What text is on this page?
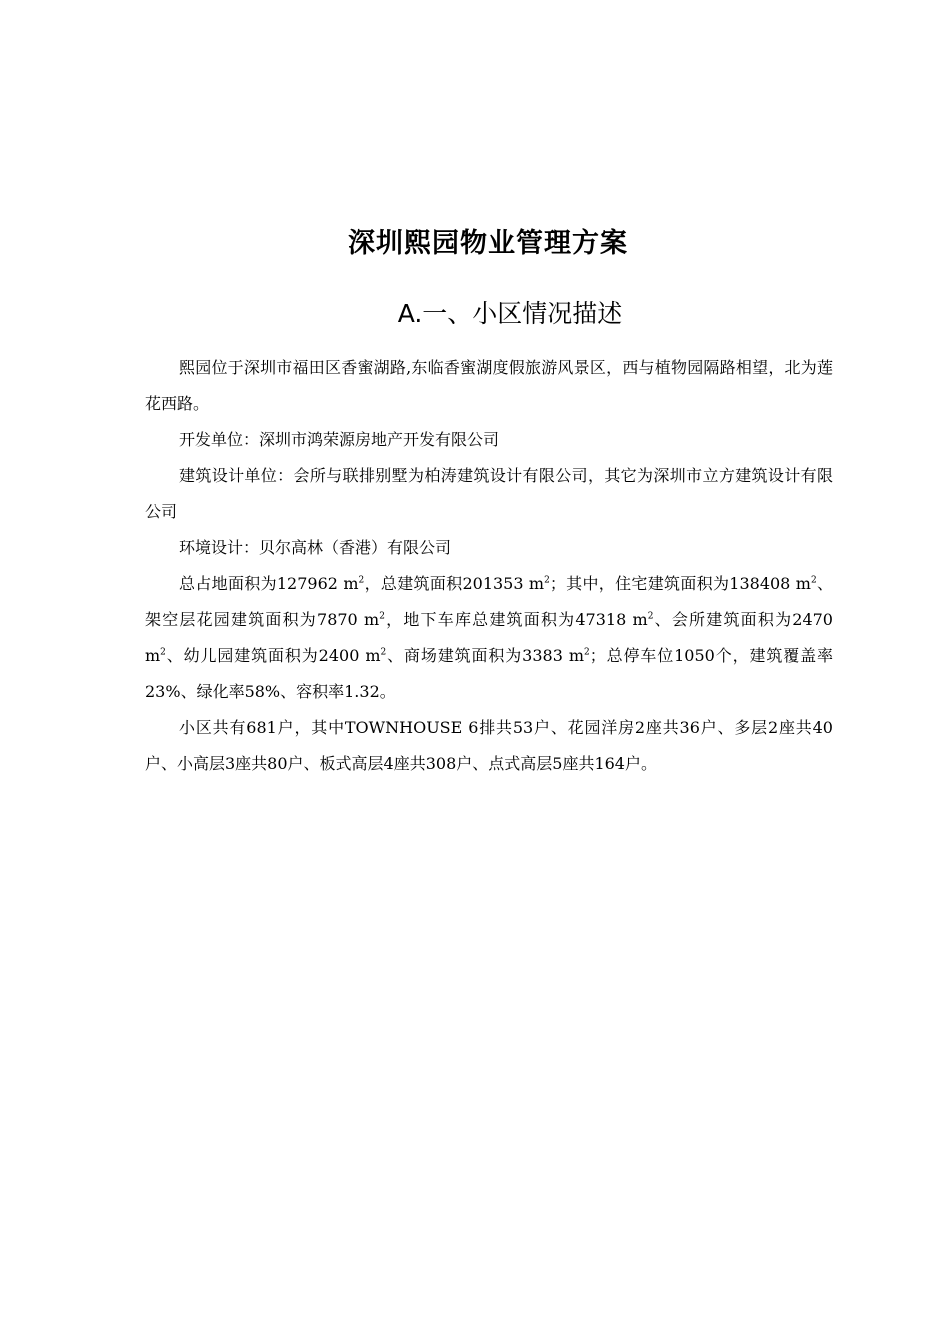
深圳熙园物业管理方案
A.一、小区情况描述

熙园位于深圳市福田区香蜜湖路,东临香蜜湖度假旅游风景区，西与植物园隔路相望，北为莲花西路。

开发单位：深圳市鸿荣源房地产开发有限公司

建筑设计单位：会所与联排别墅为柏涛建筑设计有限公司，其它为深圳市立方建筑设计有限公司

环境设计：贝尔高林（香港）有限公司

总占地面积为127962 $m^2$，总建筑面积201353 $m^2$；其中，住宅建筑面积为138408 $m^2$、架空层花园建筑面积为7870 $m^2$，地下车库总建筑面积为47318 $m^2$、会所建筑面积为2470 $m^2$、幼儿园建筑面积为2400 $m^2$、商场建筑面积为3383 $m^2$；总停车位1050个，建筑覆盖率23%、绿化率58%、容积率1.32。

小区共有681户，其中TOWNHOUSE 6排共53户、花园洋房2座共36户、多层2座共40户、小高层3座共80户、板式高层4座共308户、点式高层5座共164户。
